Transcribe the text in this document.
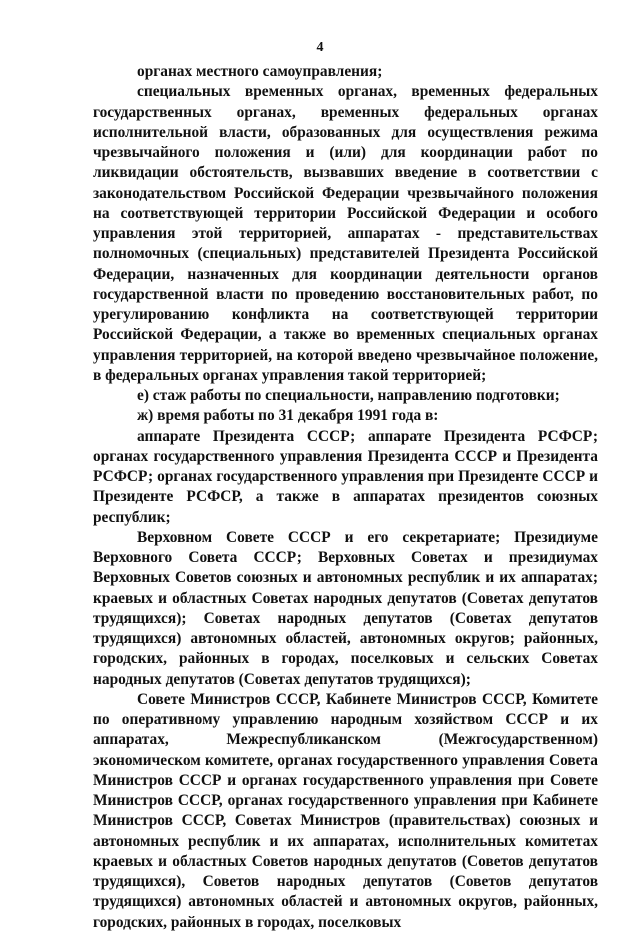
4

органах местного самоуправления;

специальных временных органах, временных федеральных государственных органах, временных федеральных органах исполнительной власти, образованных для осуществления режима чрезвычайного положения и (или) для координации работ по ликвидации обстоятельств, вызвавших введение в соответствии с законодательством Российской Федерации чрезвычайного положения на соответствующей территории Российской Федерации и особого управления этой территорией, аппаратах - представительствах полномочных (специальных) представителей Президента Российской Федерации, назначенных для координации деятельности органов государственной власти по проведению восстановительных работ, по урегулированию конфликта на соответствующей территории Российской Федерации, а также во временных специальных органах управления территорией, на которой введено чрезвычайное положение, в федеральных органах управления такой территорией;

е) стаж работы по специальности, направлению подготовки;

ж) время работы по 31 декабря 1991 года в:

аппарате Президента СССР; аппарате Президента РСФСР; органах государственного управления Президента СССР и Президента РСФСР; органах государственного управления при Президенте СССР и Президенте РСФСР, а также в аппаратах президентов союзных республик;

Верховном Совете СССР и его секретариате; Президиуме Верховного Совета СССР; Верховных Советах и президиумах Верховных Советов союзных и автономных республик и их аппаратах; краевых и областных Советах народных депутатов (Советах депутатов трудящихся); Советах народных депутатов (Советах депутатов трудящихся) автономных областей, автономных округов; районных, городских, районных в городах, поселковых и сельских Советах народных депутатов (Советах депутатов трудящихся);

Совете Министров СССР, Кабинете Министров СССР, Комитете по оперативному управлению народным хозяйством СССР и их аппаратах, Межреспубликанском (Межгосударственном) экономическом комитете, органах государственного управления Совета Министров СССР и органах государственного управления при Совете Министров СССР, органах государственного управления при Кабинете Министров СССР, Советах Министров (правительствах) союзных и автономных республик и их аппаратах, исполнительных комитетах краевых и областных Советов народных депутатов (Советов депутатов трудящихся), Советов народных депутатов (Советов депутатов трудящихся) автономных областей и автономных округов, районных, городских, районных в городах, поселковых
